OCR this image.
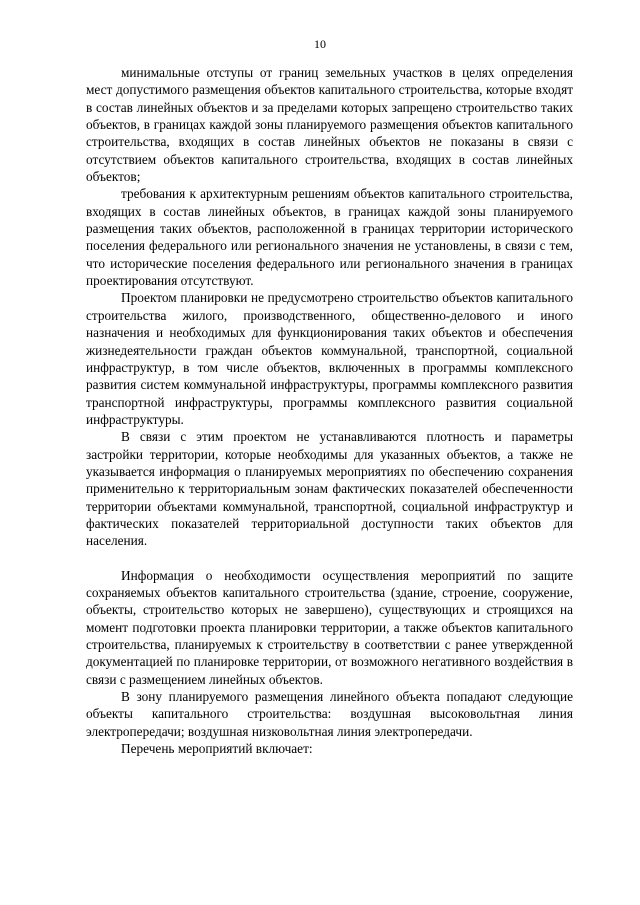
10

минимальные отступы от границ земельных участков в целях определения мест допустимого размещения объектов капитального строительства, которые входят в состав линейных объектов и за пределами которых запрещено строительство таких объектов, в границах каждой зоны планируемого размещения объектов капитального строительства, входящих в состав линейных объектов не показаны в связи с отсутствием объектов капитального строительства, входящих в состав линейных объектов;

требования к архитектурным решениям объектов капитального строительства, входящих в состав линейных объектов, в границах каждой зоны планируемого размещения таких объектов, расположенной в границах территории исторического поселения федерального или регионального значения не установлены, в связи с тем, что исторические поселения федерального или регионального значения в границах проектирования отсутствуют.

Проектом планировки не предусмотрено строительство объектов капитального строительства жилого, производственного, общественно-делового и иного назначения и необходимых для функционирования таких объектов и обеспечения жизнедеятельности граждан объектов коммунальной, транспортной, социальной инфраструктур, в том числе объектов, включенных в программы комплексного развития систем коммунальной инфраструктуры, программы комплексного развития транспортной инфраструктуры, программы комплексного развития социальной инфраструктуры.

В связи с этим проектом не устанавливаются плотность и параметры застройки территории, которые необходимы для указанных объектов, а также не указывается информация о планируемых мероприятиях по обеспечению сохранения применительно к территориальным зонам фактических показателей обеспеченности территории объектами коммунальной, транспортной, социальной инфраструктур и фактических показателей территориальной доступности таких объектов для населения.

Информация о необходимости осуществления мероприятий по защите сохраняемых объектов капитального строительства (здание, строение, сооружение, объекты, строительство которых не завершено), существующих и строящихся на момент подготовки проекта планировки территории, а также объектов капитального строительства, планируемых к строительству в соответствии с ранее утвержденной документацией по планировке территории, от возможного негативного воздействия в связи с размещением линейных объектов.

В зону планируемого размещения линейного объекта попадают следующие объекты капитального строительства: воздушная высоковольтная линия электропередачи; воздушная низковольтная линия электропередачи.

Перечень мероприятий включает:
